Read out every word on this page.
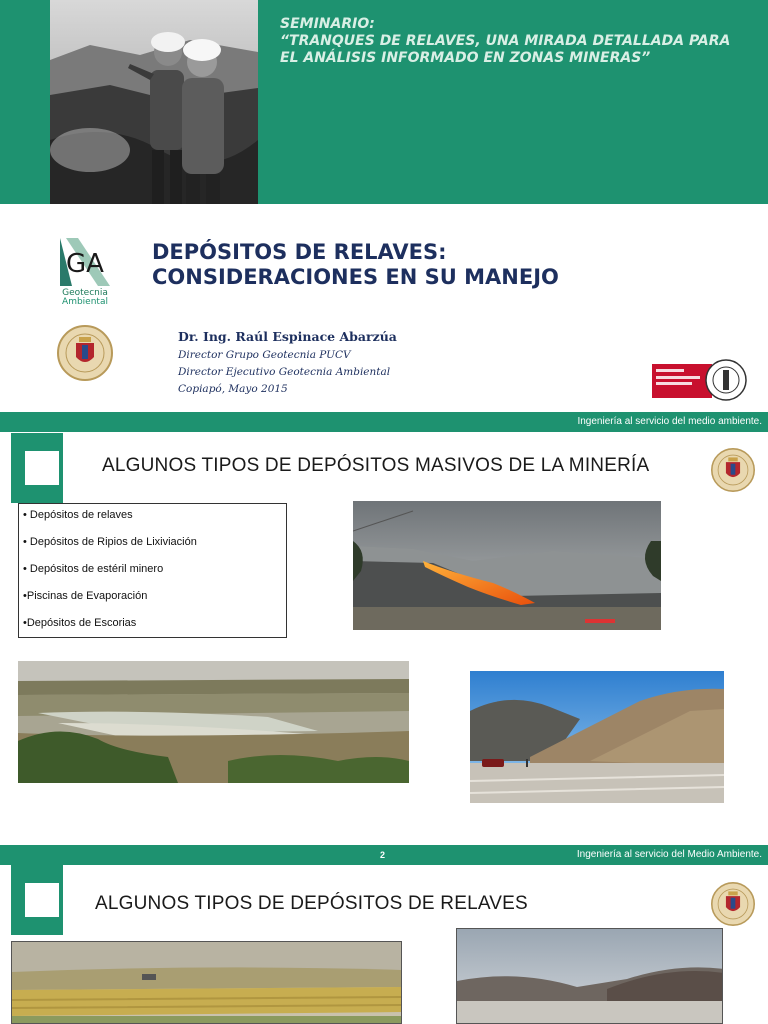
SEMINARIO:
“TRANQUES DE RELAVES, UNA MIRADA DETALLADA PARA
EL ANÁLISIS INFORMADO EN ZONAS MINERAS”
GA
Geotecnia
Ambiental
DEPÓSITOS DE RELAVES:
CONSIDERACIONES EN SU MANEJO
Dr. Ing. Raúl Espinace Abarzúa
Director Grupo Geotecnia PUCV
Director Ejecutivo Geotecnia Ambiental
Copiapó, Mayo 2015
Ingeniería al servicio del medio ambiente.
ALGUNOS TIPOS DE DEPÓSITOS MASIVOS DE LA MINERÍA
• Depósitos de relaves
• Depósitos de Ripios de Lixiviación
• Depósitos de estéril minero
•Piscinas de Evaporación
•Depósitos de Escorias
2	Ingeniería al servicio del Medio Ambiente.
ALGUNOS TIPOS DE DEPÓSITOS DE RELAVES
